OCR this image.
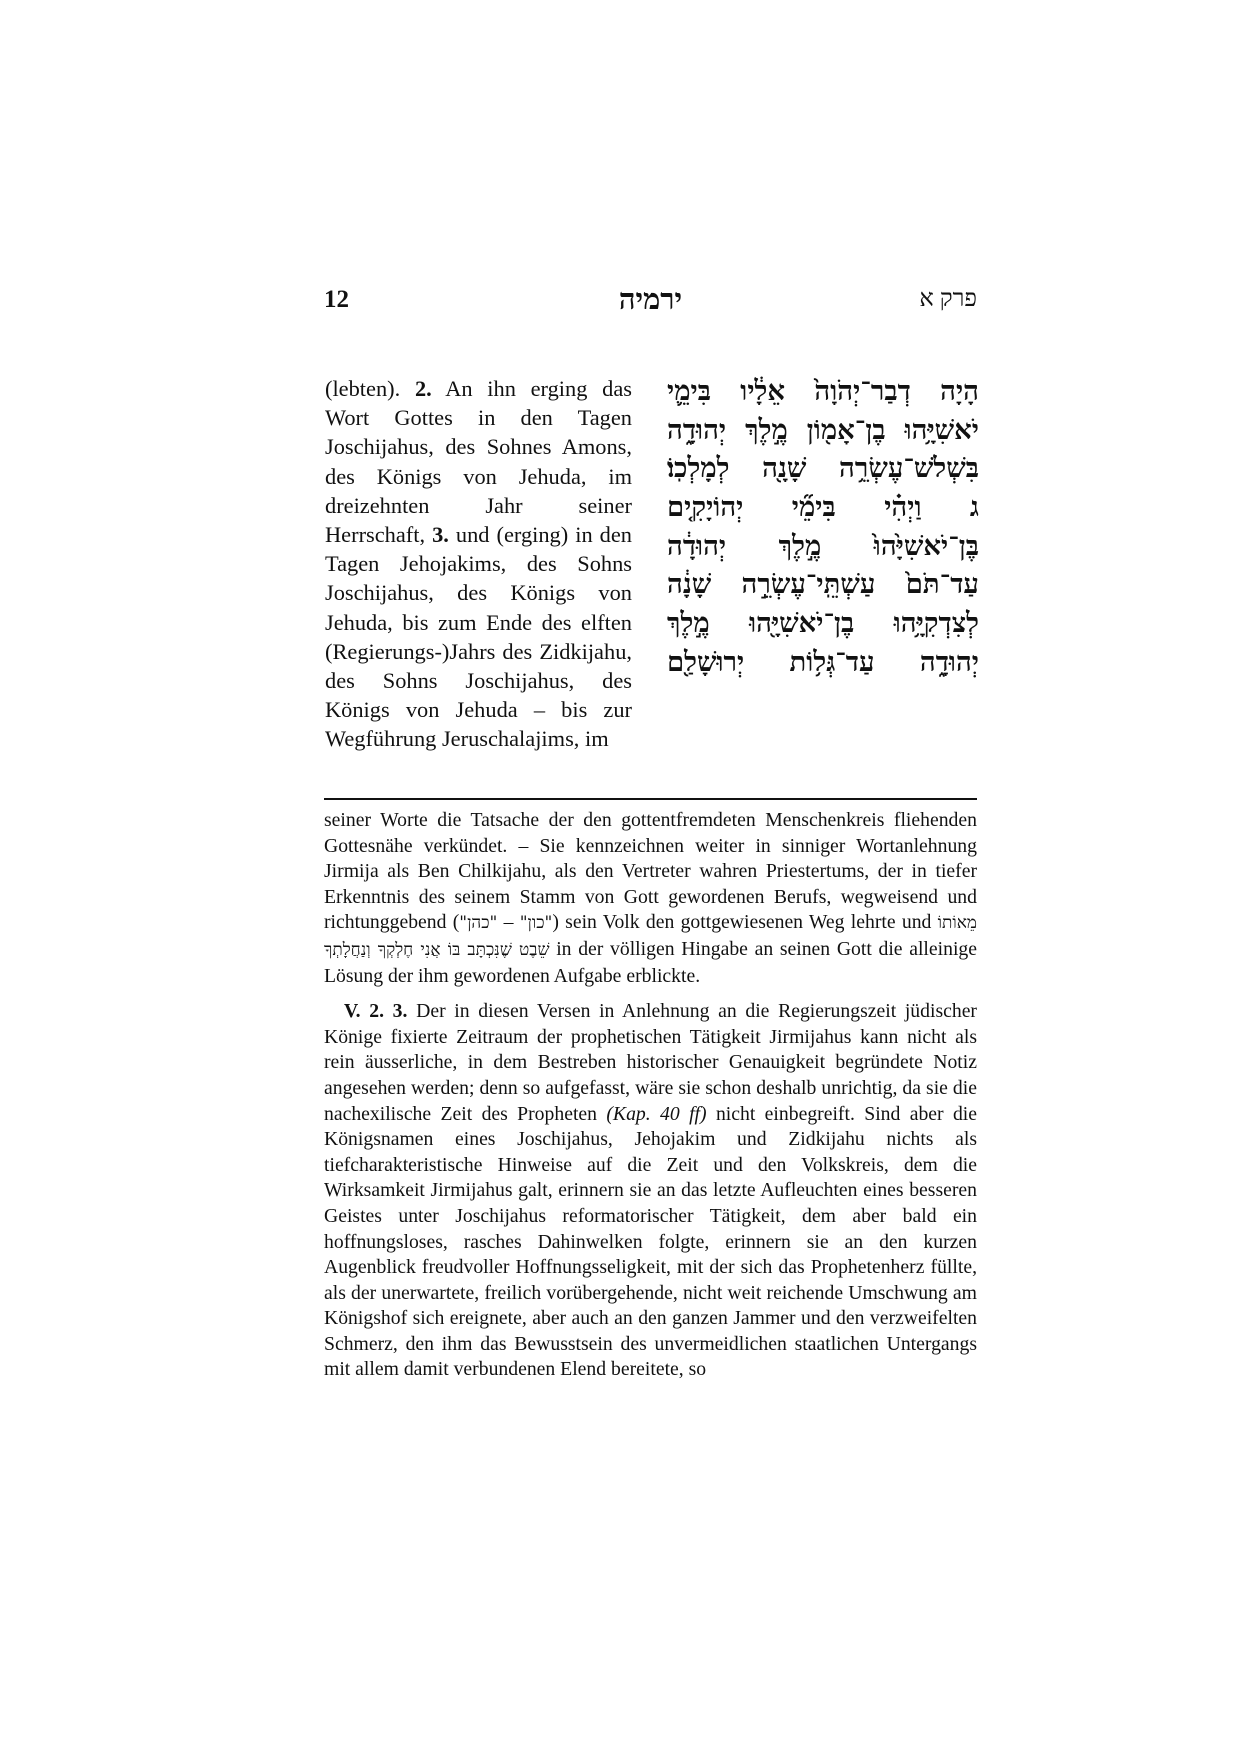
12	ירמיה	פרק א
(lebten). 2. An ihn erging das Wort Gottes in den Tagen Joschijahus, des Sohnes Amons, des Königs von Jehuda, im dreizehnten Jahr seiner Herrschaft, 3. und (erging) in den Tagen Jehojakims, des Sohns Joschijahus, des Königs von Jehuda, bis zum Ende des elften (Regierungs-)Jahrs des Zidkijahu, des Sohns Joschijahus, des Königs von Jehuda – bis zur Wegführung Jeruschalajims, im
הָיָה דְבַר־יְהֹוָה֙ אֵלָ֔יו בִּימֵ֛י
יֹאשִׁיָּ֥הוּ בֶן־אָמ֖וֹן מֶ֣לֶךְ יְהוּדָ֑ה
בִּשְׁלֹשׁ־עֶשְׂרֵ֥ה שָׁנָ֖ה לְמָלְכֽוֹ׃
ג וַיְהִ֗י בִּימֵ֞י יְהוֹיָקִ֤ים
בֶּן־יֹאשִׁיָּ֙הוּ֙ מֶ֣לֶךְ יְהוּדָ֔ה
עַד־תֹּם֙ עַשְׁתֵּֽי־עֶשְׂרֵ֣ה שָׁנָ֔ה
לְצִדְקִיָּ֥הוּ בֶן־יֹאשִׁיָּ֖הוּ מֶ֣לֶךְ
יְהוּדָ֑ה עַד־גְּל֥וֹת יְרוּשָׁלַ֖ם

seiner Worte die Tatsache der den gottentfremdeten Menschenkreis fliehenden Gottesnähe verkündet. – Sie kennzeichnen weiter in sinniger Wortanlehnung Jirmija als Ben Chilkijahu, als den Vertreter wahren Priestertums, der in tiefer Erkenntnis des seinem Stamm von Gott gewordenen Berufs, wegweisend und richtunggebend ("כהן" – "כון") sein Volk den gottgewiesenen Weg lehrte und מֵאוֹתוֹ שֵׁבֶט שֶׁנִּכְתָּב בּוֹ אֲנִי חֶלְקְךָ וְנַחֲלָתְךָ in der völligen Hingabe an seinen Gott die alleinige Lösung der ihm gewordenen Aufgabe erblickte.

V. 2. 3. Der in diesen Versen in Anlehnung an die Regierungszeit jüdischer Könige fixierte Zeitraum der prophetischen Tätigkeit Jirmijahus kann nicht als rein äusserliche, in dem Bestreben historischer Genauigkeit begründete Notiz angesehen werden; denn so aufgefasst, wäre sie schon deshalb unrichtig, da sie die nachexilische Zeit des Propheten (Kap. 40 ff) nicht einbegreift. Sind aber die Königsnamen eines Joschijahus, Jehojakim und Zidkijahu nichts als tiefcharakteristische Hinweise auf die Zeit und den Volkskreis, dem die Wirksamkeit Jirmijahus galt, erinnern sie an das letzte Aufleuchten eines besseren Geistes unter Joschijahus reformatorischer Tätigkeit, dem aber bald ein hoffnungsloses, rasches Dahinwelken folgte, erinnern sie an den kurzen Augenblick freudvoller Hoffnungsseligkeit, mit der sich das Prophetenherz füllte, als der unerwartete, freilich vorübergehende, nicht weit reichende Umschwung am Königshof sich ereignete, aber auch an den ganzen Jammer und den verzweifelten Schmerz, den ihm das Bewusstsein des unvermeidlichen staatlichen Untergangs mit allem damit verbundenen Elend bereitete, so
